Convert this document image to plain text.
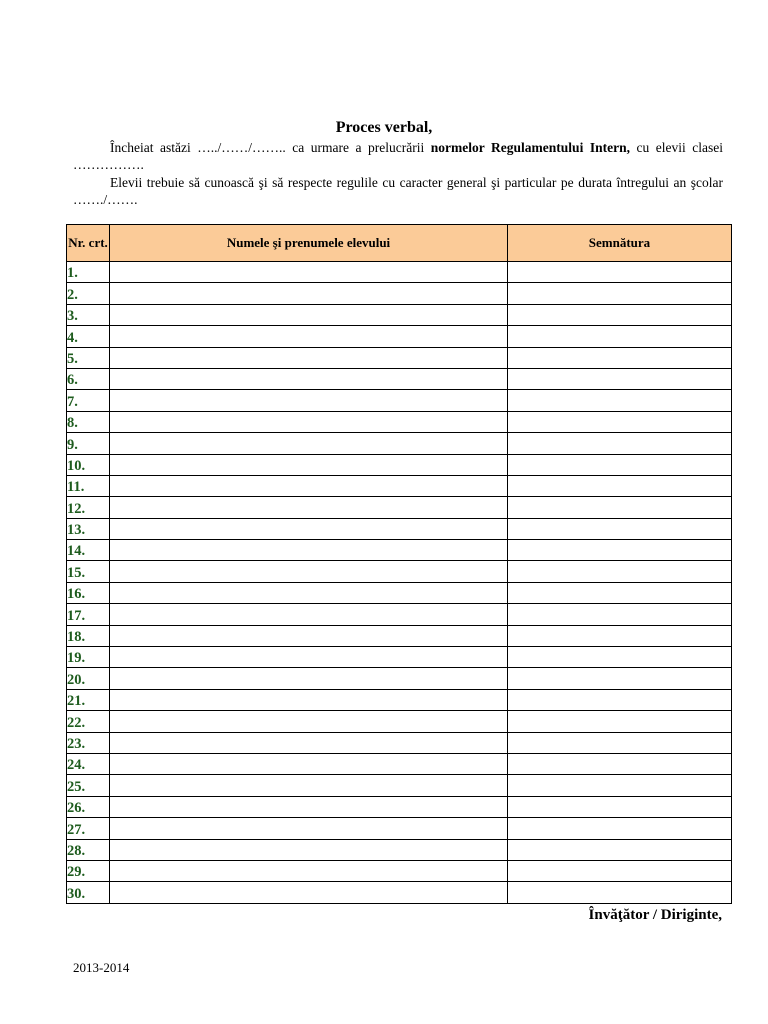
Proces verbal,
Încheiat astăzi …../……/…….. ca urmare a prelucrării normelor Regulamentului Intern, cu elevii clasei …………….
Elevii trebuie să cunoască şi să respecte regulile cu caracter general şi particular pe durata întregului an şcolar ……./…….
Nr. crt.	Numele şi prenumele elevului	Semnătura
1.		
2.		
3.		
4.		
5.		
6.		
7.		
8.		
9.		
10.		
11.		
12.		
13.		
14.		
15.		
16.		
17.		
18.		
19.		
20.		
21.		
22.		
23.		
24.		
25.		
26.		
27.		
28.		
29.		
30.		
Învăţător / Diriginte,
2013-2014
